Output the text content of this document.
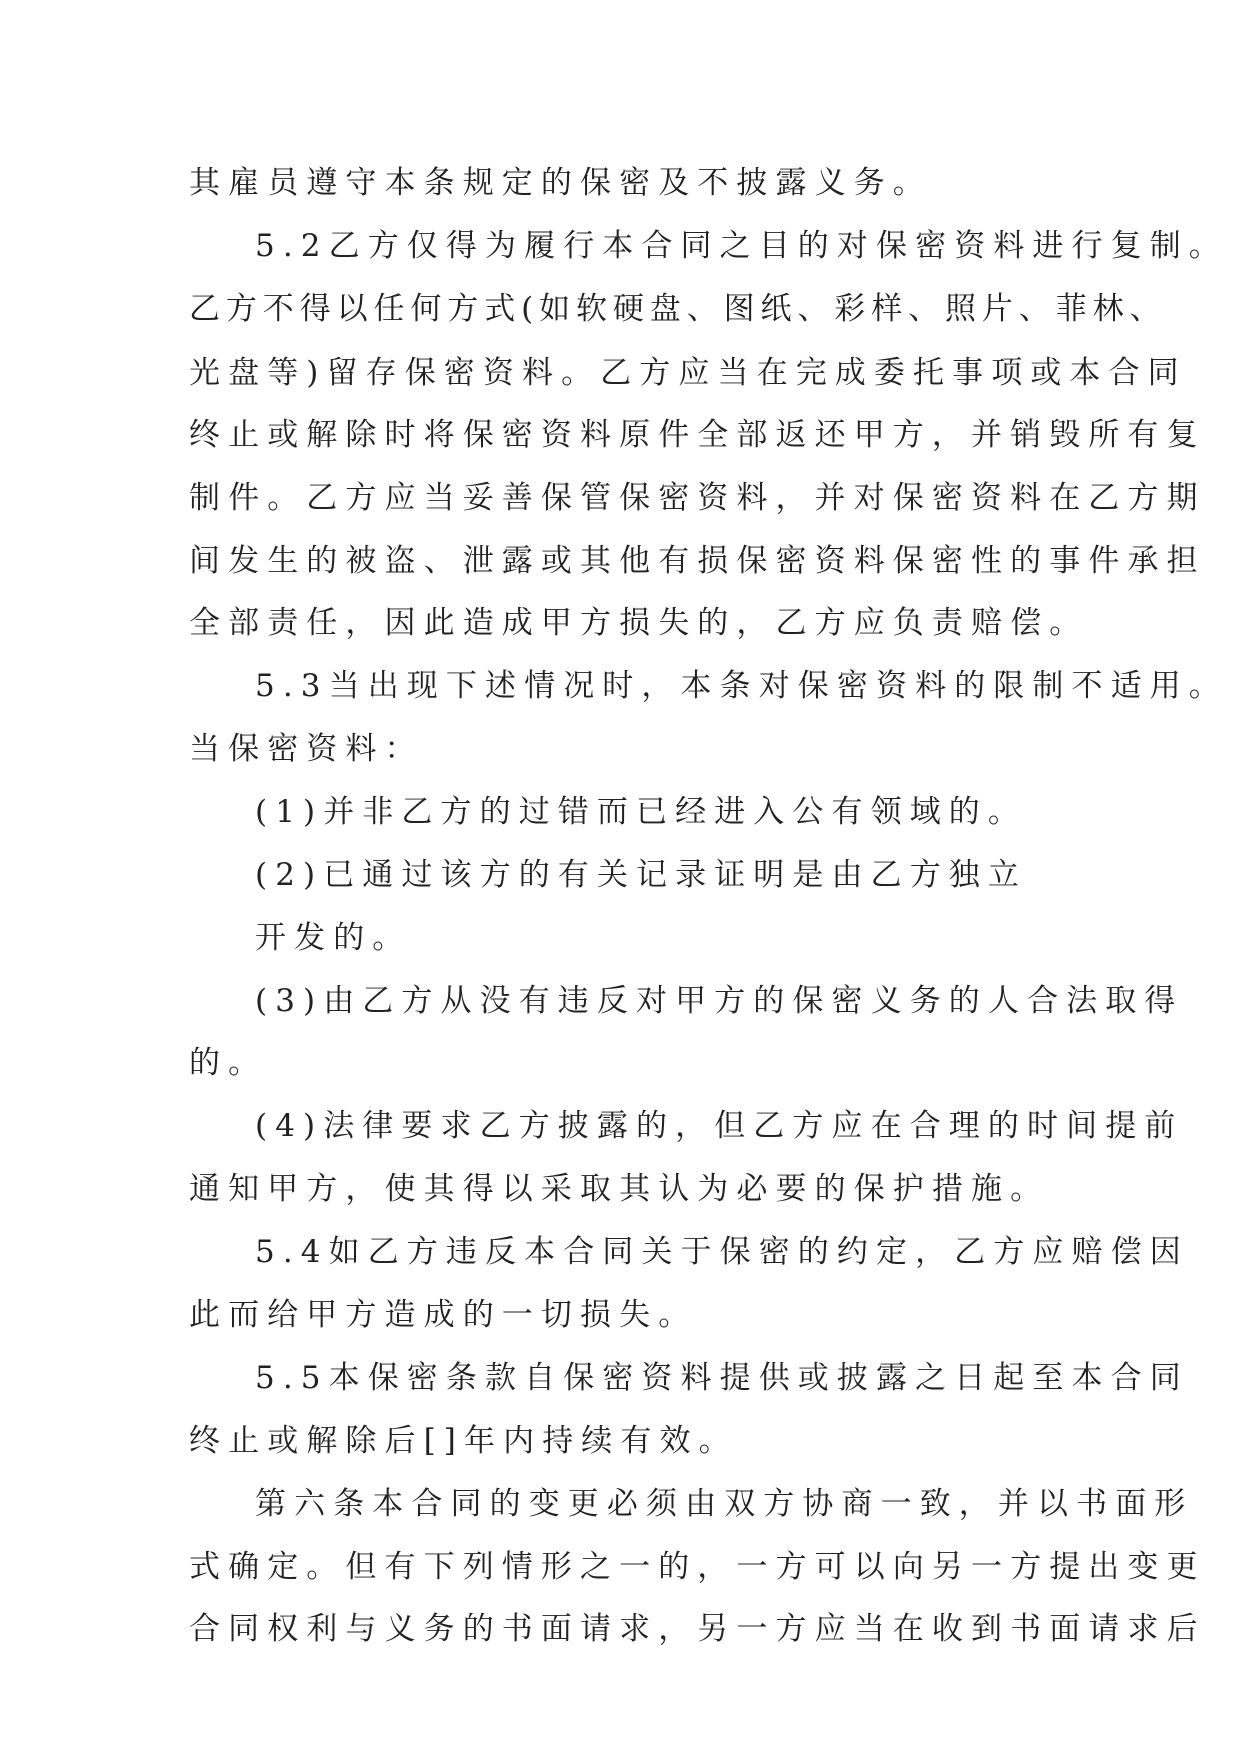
其雇员遵守本条规定的保密及不披露义务。
5.2乙方仅得为履行本合同之目的对保密资料进行复制。
乙方不得以任何方式(如软硬盘、图纸、彩样、照片、菲林、
光盘等)留存保密资料。乙方应当在完成委托事项或本合同
终止或解除时将保密资料原件全部返还甲方，并销毁所有复
制件。乙方应当妥善保管保密资料，并对保密资料在乙方期
间发生的被盗、泄露或其他有损保密资料保密性的事件承担
全部责任，因此造成甲方损失的，乙方应负责赔偿。
5.3当出现下述情况时，本条对保密资料的限制不适用。
当保密资料：
(1)并非乙方的过错而已经进入公有领域的。
(2)已通过该方的有关记录证明是由乙方独立
开发的。
(3)由乙方从没有违反对甲方的保密义务的人合法取得
的。
(4)法律要求乙方披露的，但乙方应在合理的时间提前
通知甲方，使其得以采取其认为必要的保护措施。
5.4如乙方违反本合同关于保密的约定，乙方应赔偿因
此而给甲方造成的一切损失。
5.5本保密条款自保密资料提供或披露之日起至本合同
终止或解除后[]年内持续有效。
第六条本合同的变更必须由双方协商一致，并以书面形
式确定。但有下列情形之一的，一方可以向另一方提出变更
合同权利与义务的书面请求，另一方应当在收到书面请求后
